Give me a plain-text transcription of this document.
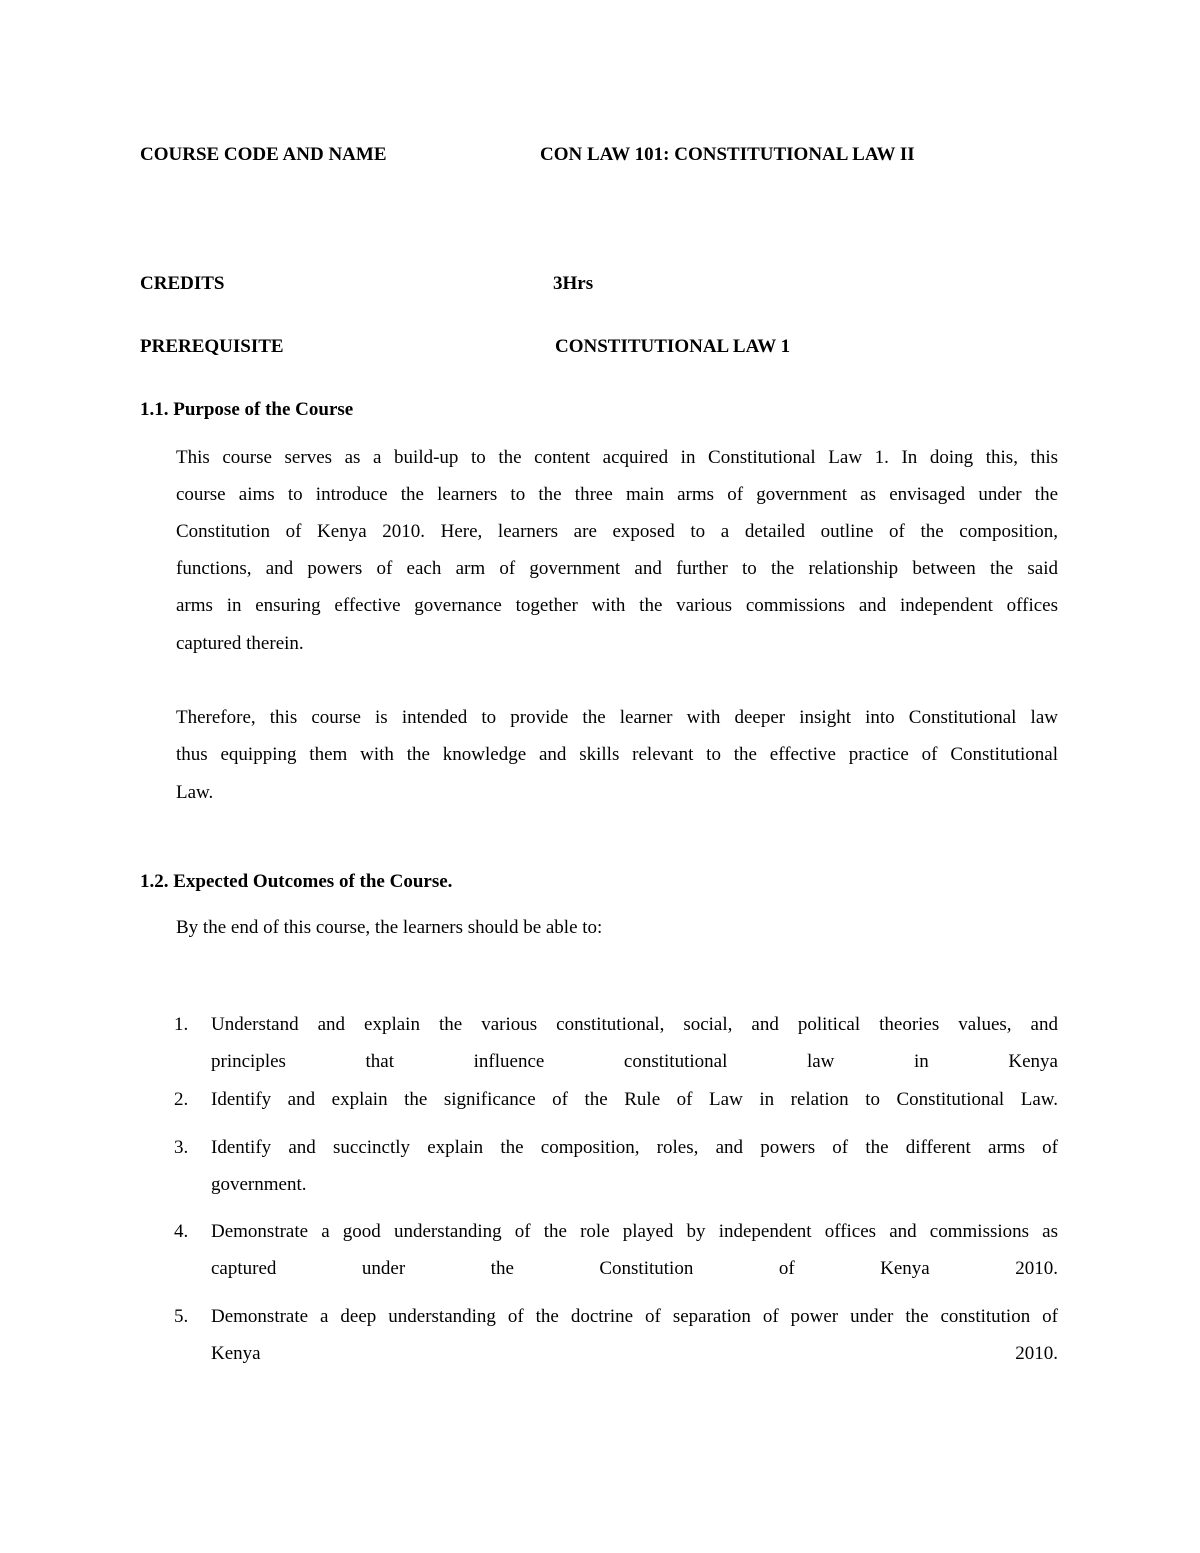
COURSE CODE AND NAME	CON LAW 101: CONSTITUTIONAL LAW II
CREDITS	3Hrs
PREREQUISITE	CONSTITUTIONAL LAW 1
1.1. Purpose of the Course
This course serves as a build-up to the content acquired in Constitutional Law 1. In doing this, this
course aims to introduce the learners to the three main arms of government as envisaged under the
Constitution of Kenya 2010. Here, learners are exposed to a detailed outline of the composition,
functions, and powers of each arm of government and further to the relationship between the said
arms in ensuring effective governance together with the various commissions and independent offices
captured therein.
Therefore, this course is intended to provide the learner with deeper insight into Constitutional law
thus equipping them with the knowledge and skills relevant to the effective practice of Constitutional
Law.
1.2. Expected Outcomes of the Course.
By the end of this course, the learners should be able to:
1. Understand and explain the various constitutional, social, and political theories values, and
principles that influence constitutional law in Kenya
2. Identify and explain the significance of the Rule of Law in relation to Constitutional Law.
3. Identify and succinctly explain the composition, roles, and powers of the different arms of
government.
4. Demonstrate a good understanding of the role played by independent offices and commissions as
captured under the Constitution of Kenya 2010.
5. Demonstrate a deep understanding of the doctrine of separation of power under the constitution of
Kenya 2010.
